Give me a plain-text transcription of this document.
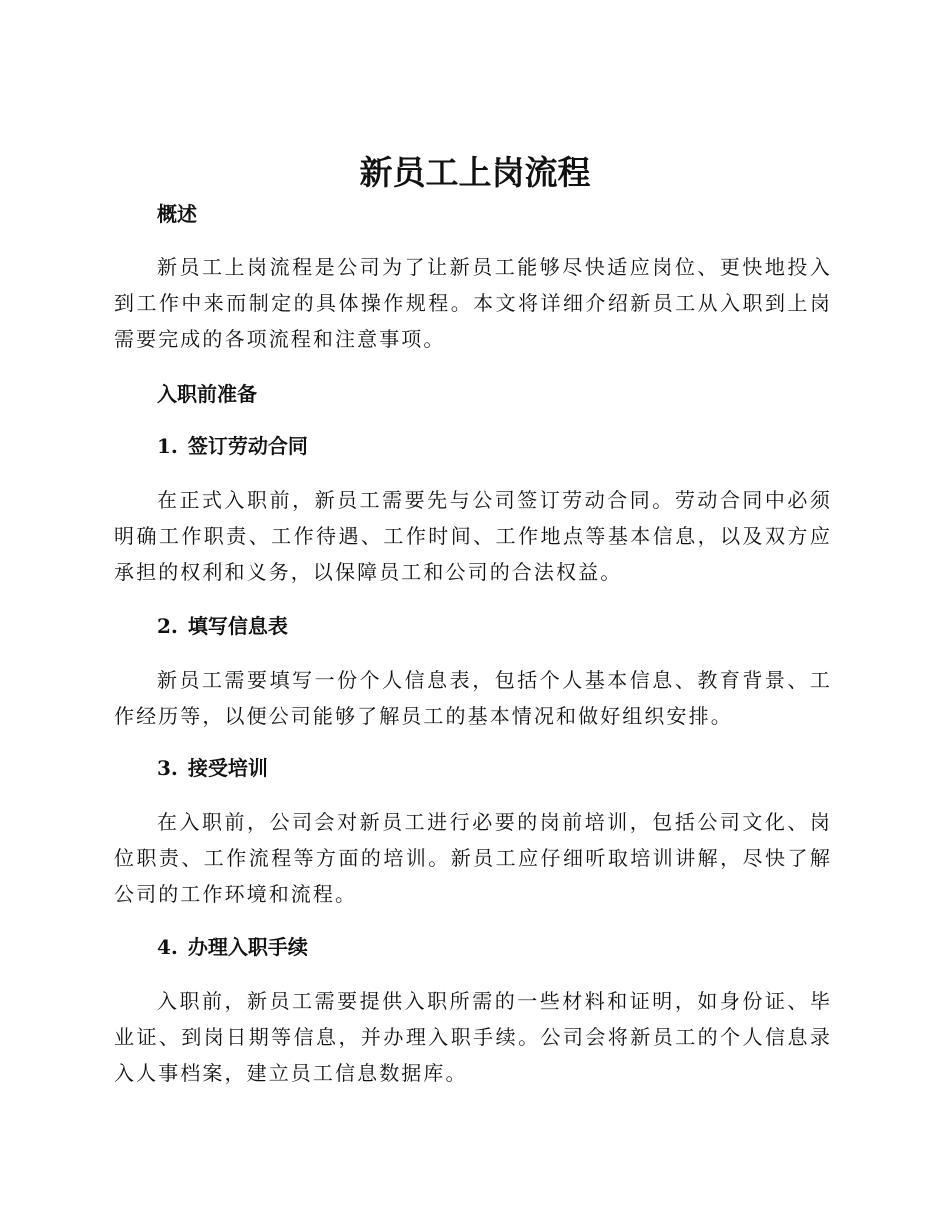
新员工上岗流程
概述

新员工上岗流程是公司为了让新员工能够尽快适应岗位、更快地投入到工作中来而制定的具体操作规程。本文将详细介绍新员工从入职到上岗需要完成的各项流程和注意事项。

入职前准备
1. 签订劳动合同

在正式入职前，新员工需要先与公司签订劳动合同。劳动合同中必须明确工作职责、工作待遇、工作时间、工作地点等基本信息，以及双方应承担的权利和义务，以保障员工和公司的合法权益。

2. 填写信息表

新员工需要填写一份个人信息表，包括个人基本信息、教育背景、工作经历等，以便公司能够了解员工的基本情况和做好组织安排。

3. 接受培训

在入职前，公司会对新员工进行必要的岗前培训，包括公司文化、岗位职责、工作流程等方面的培训。新员工应仔细听取培训讲解，尽快了解公司的工作环境和流程。

4. 办理入职手续

入职前，新员工需要提供入职所需的一些材料和证明，如身份证、毕业证、到岗日期等信息，并办理入职手续。公司会将新员工的个人信息录入人事档案，建立员工信息数据库。
